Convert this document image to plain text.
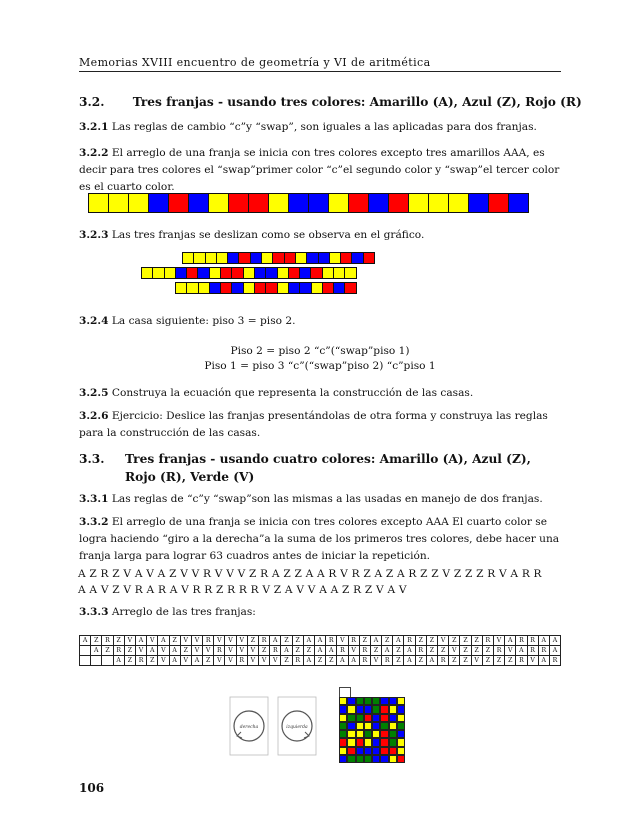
Memorias XVIII encuentro de geometría y VI de aritmética
3.2. Tres franjas - usando tres colores: Amarillo (A), Azul (Z), Rojo (R)
3.2.1 Las reglas de cambio “c”y “swap”, son iguales a las aplicadas para dos franjas.
3.2.2 El arreglo de una franja se inicia con tres colores excepto tres amarillos AAA, es decir para tres colores el “swap”primer color “c”el segundo color y “swap”el tercer color es el cuarto color.
3.2.3 Las tres franjas se deslizan como se observa en el gráfico.
3.2.4 La casa siguiente: piso 3 = piso 2.
Piso 2 = piso 2 “c”(“swap”piso 1)
Piso 1 = piso 3 “c”(“swap”piso 2) “c”piso 1
3.2.5 Construya la ecuación que representa la construcción de las casas.
3.2.6 Ejercicio: Deslice las franjas presentándolas de otra forma y construya las reglas para la construcción de las casas.
3.3.	Tres franjas - usando cuatro colores: Amarillo (A), Azul (Z), Rojo (R), Verde (V)
3.3.1 Las reglas de “c”y “swap”son las mismas a las usadas en manejo de dos franjas.
3.3.2 El arreglo de una franja se inicia con tres colores excepto AAA El cuarto color se logra haciendo “giro a la derecha”a la suma de los primeros tres colores, debe hacer una franja larga para lograr 63 cuadros antes de iniciar la repetición.
A Z R Z V A V A Z V V R V V V Z R A Z Z A A R V R Z A Z A R Z Z V Z Z Z R V A R R
A A V Z V R A R A V R R Z R R R V Z A V V A A Z R Z V A V
3.3.3 Arreglo de las tres franjas:
A	Z	R	Z	V	A	V	A	Z	V	V	R	V	V	V	Z	R	A	Z	Z	A	A	R	V	R	Z	A	Z	A	R	Z	Z	V	Z	Z	Z	R	V	A	R	R	A	A
	A	Z	R	Z	V	A	V	A	Z	V	V	R	V	V	V	Z	R	A	Z	Z	A	A	R	V	R	Z	A	Z	A	R	Z	Z	V	Z	Z	Z	R	V	A	R	R	A
			A	Z	R	Z	V	A	V	A	Z	V	V	R	V	V	V	Z	R	A	Z	Z	A	A	R	V	R	Z	A	Z	A	R	Z	Z	V	Z	Z	Z	R	V	A	R
derecha	izquierda
106
